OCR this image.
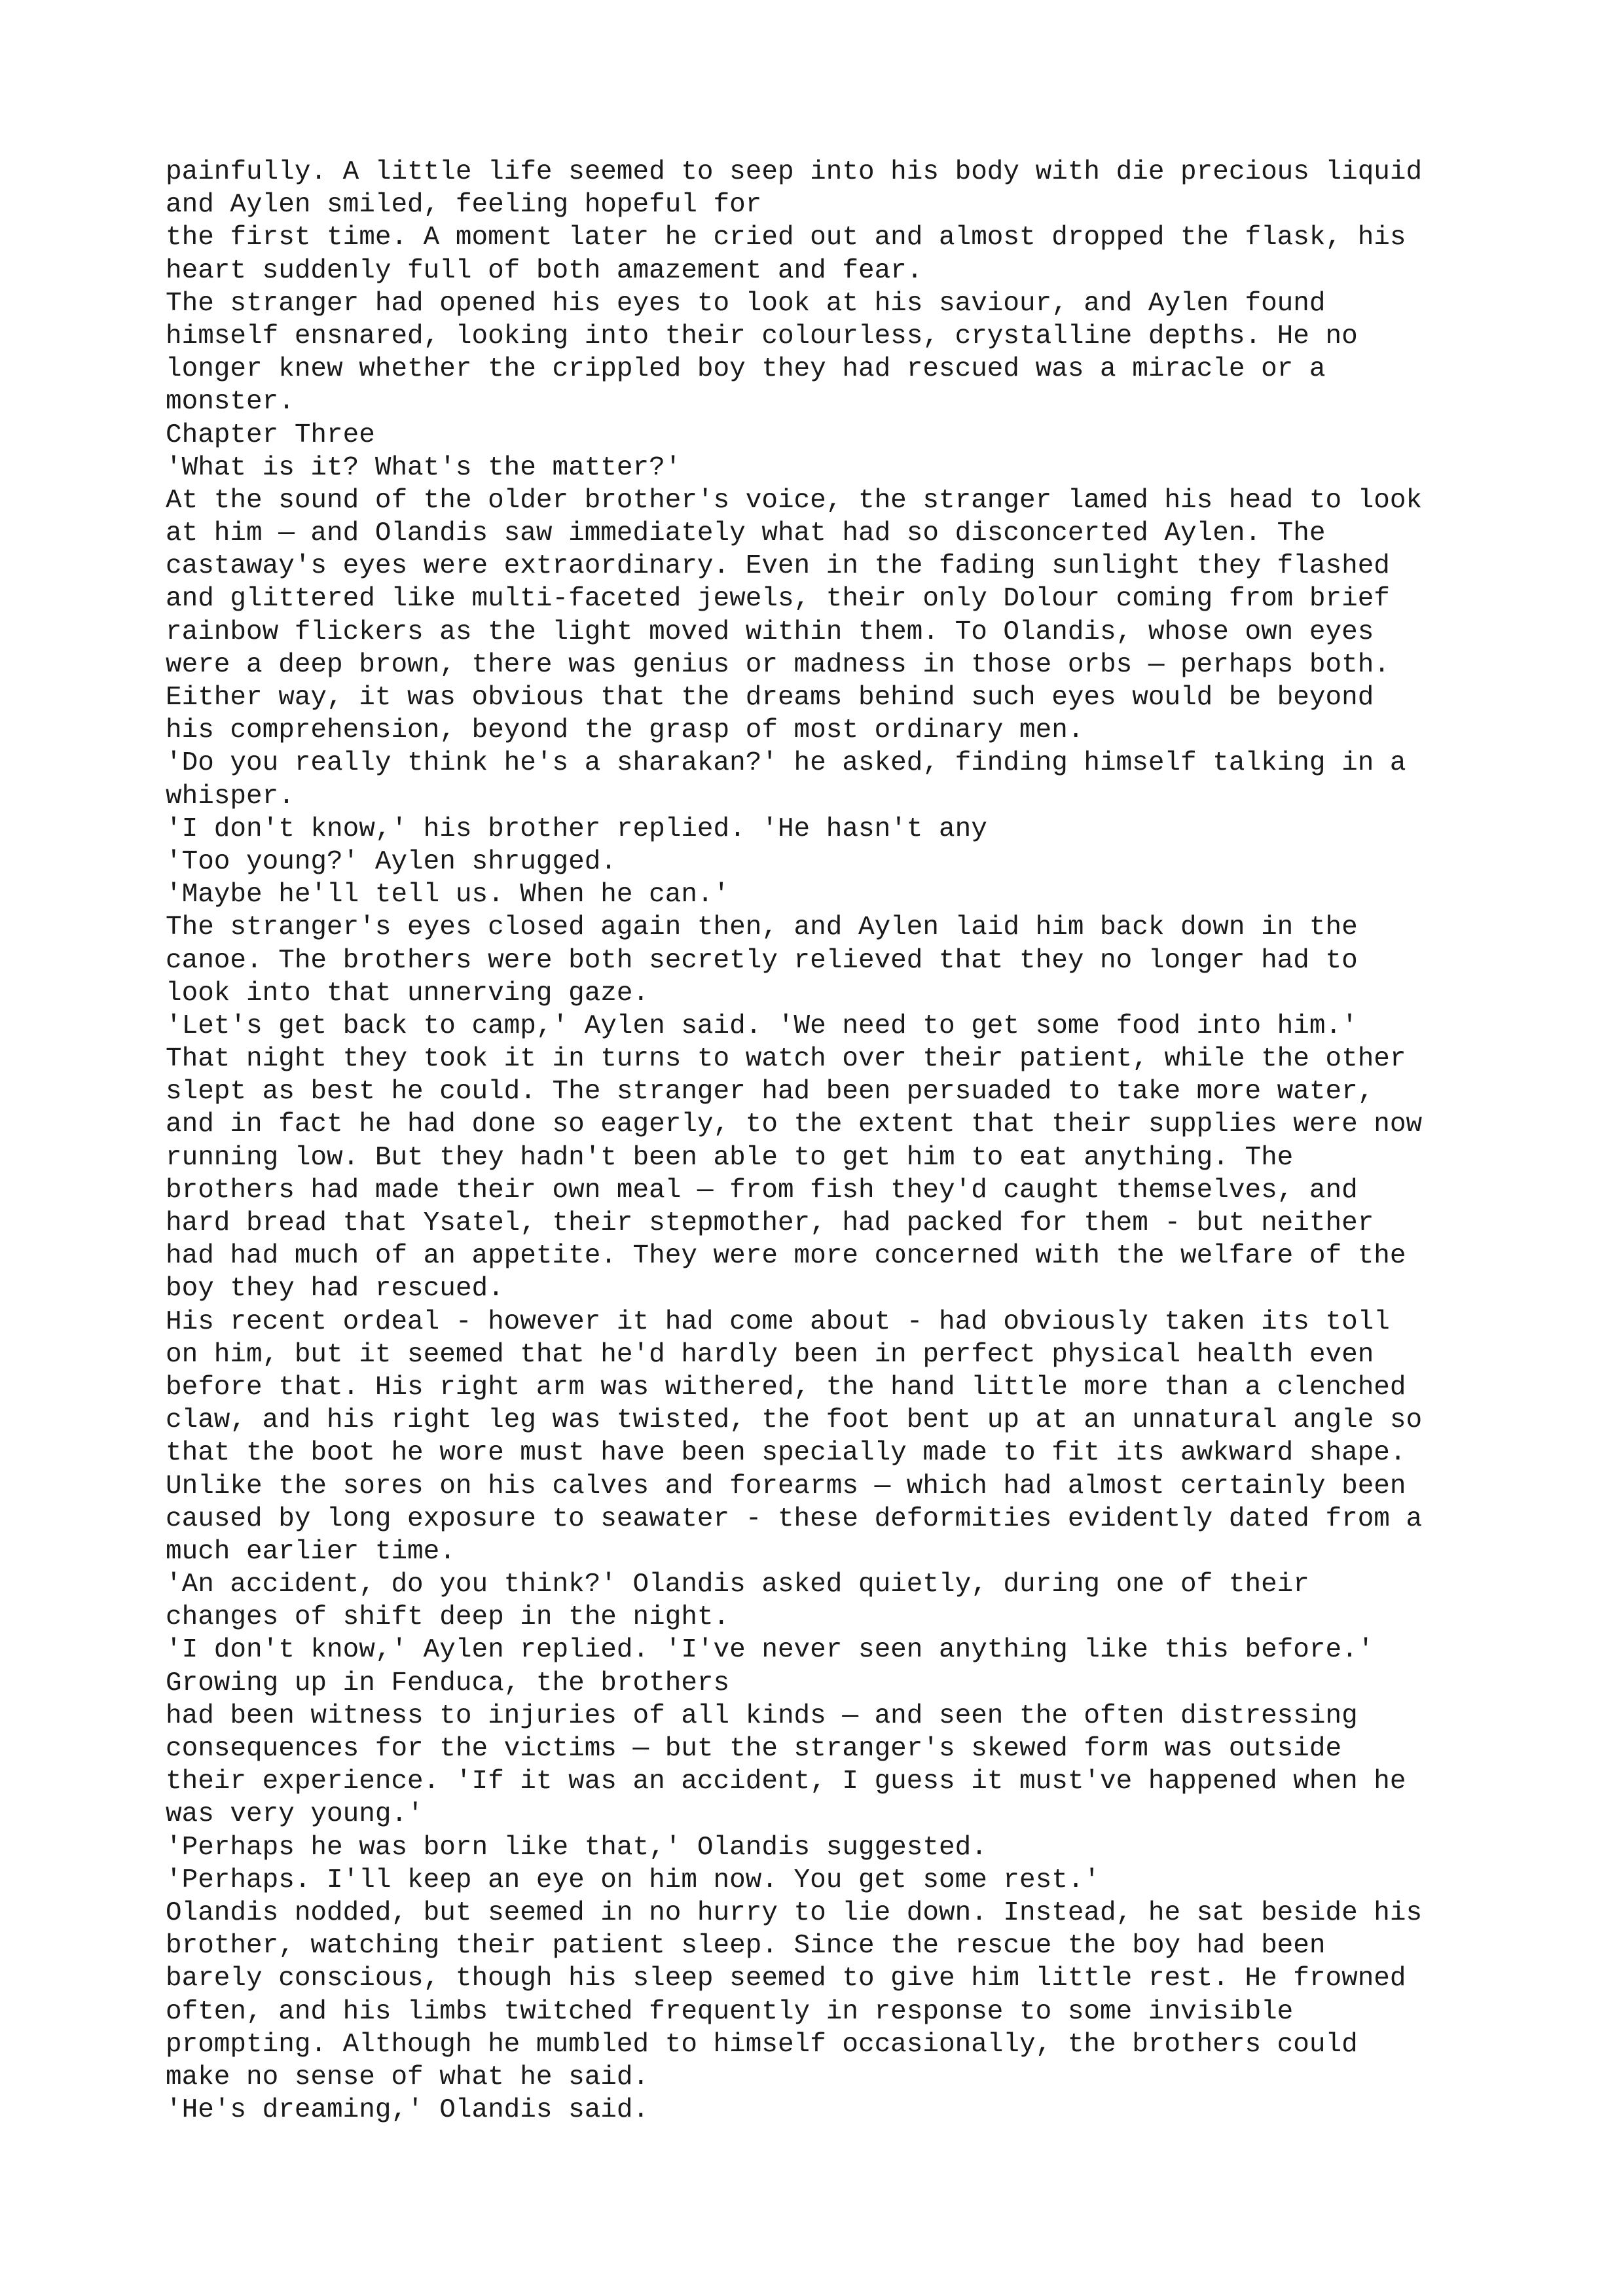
painfully. A little life seemed to seep into his body with die precious liquid
and Aylen smiled, feeling hopeful for
the first time. A moment later he cried out and almost dropped the flask, his
heart suddenly full of both amazement and fear.
The stranger had opened his eyes to look at his saviour, and Aylen found
himself ensnared, looking into their colourless, crystalline depths. He no
longer knew whether the crippled boy they had rescued was a miracle or a
monster.
Chapter Three
'What is it? What's the matter?'
At the sound of the older brother's voice, the stranger lamed his head to look
at him — and Olandis saw immediately what had so disconcerted Aylen. The
castaway's eyes were extraordinary. Even in the fading sunlight they flashed
and glittered like multi-faceted jewels, their only Dolour coming from brief
rainbow flickers as the light moved within them. To Olandis, whose own eyes
were a deep brown, there was genius or madness in those orbs — perhaps both.
Either way, it was obvious that the dreams behind such eyes would be beyond
his comprehension, beyond the grasp of most ordinary men.
'Do you really think he's a sharakan?' he asked, finding himself talking in a
whisper.
'I don't know,' his brother replied. 'He hasn't any
'Too young?' Aylen shrugged.
'Maybe he'll tell us. When he can.'
The stranger's eyes closed again then, and Aylen laid him back down in the
canoe. The brothers were both secretly relieved that they no longer had to
look into that unnerving gaze.
'Let's get back to camp,' Aylen said. 'We need to get some food into him.'
That night they took it in turns to watch over their patient, while the other
slept as best he could. The stranger had been persuaded to take more water,
and in fact he had done so eagerly, to the extent that their supplies were now
running low. But they hadn't been able to get him to eat anything. The
brothers had made their own meal — from fish they'd caught themselves, and
hard bread that Ysatel, their stepmother, had packed for them - but neither
had had much of an appetite. They were more concerned with the welfare of the
boy they had rescued.
His recent ordeal - however it had come about - had obviously taken its toll
on him, but it seemed that he'd hardly been in perfect physical health even
before that. His right arm was withered, the hand little more than a clenched
claw, and his right leg was twisted, the foot bent up at an unnatural angle so
that the boot he wore must have been specially made to fit its awkward shape.
Unlike the sores on his calves and forearms — which had almost certainly been
caused by long exposure to seawater - these deformities evidently dated from a
much earlier time.
'An accident, do you think?' Olandis asked quietly, during one of their
changes of shift deep in the night.
'I don't know,' Aylen replied. 'I've never seen anything like this before.'
Growing up in Fenduca, the brothers
had been witness to injuries of all kinds — and seen the often distressing
consequences for the victims — but the stranger's skewed form was outside
their experience. 'If it was an accident, I guess it must've happened when he
was very young.'
'Perhaps he was born like that,' Olandis suggested.
'Perhaps. I'll keep an eye on him now. You get some rest.'
Olandis nodded, but seemed in no hurry to lie down. Instead, he sat beside his
brother, watching their patient sleep. Since the rescue the boy had been
barely conscious, though his sleep seemed to give him little rest. He frowned
often, and his limbs twitched frequently in response to some invisible
prompting. Although he mumbled to himself occasionally, the brothers could
make no sense of what he said.
'He's dreaming,' Olandis said.
